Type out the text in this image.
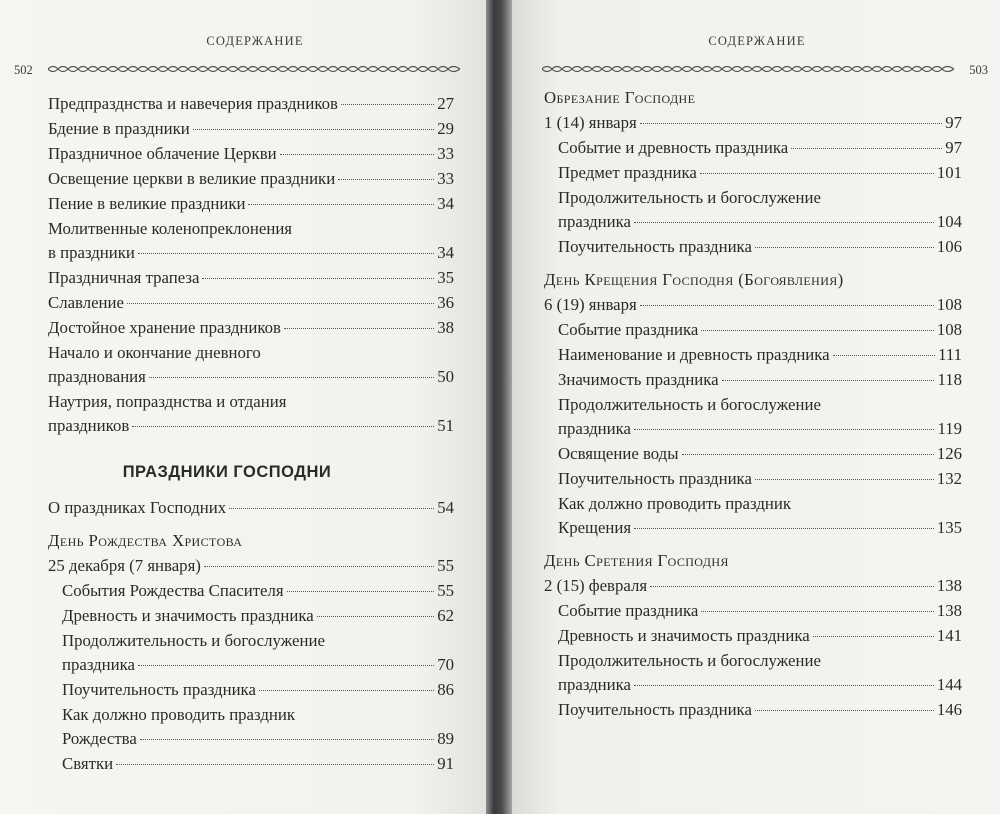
СОДЕРЖАНИЕ
502
Предпразднства и навечерия праздников	27
Бдение в праздники	29
Праздничное облачение Церкви	33
Освещение церкви в великие праздники	33
Пение в великие праздники	34
Молитвенные коленопреклонения
в праздники	34
Праздничная трапеза	35
Славление	36
Достойное хранение праздников	38
Начало и окончание дневного
празднования	50
Наутрия, попразднства и отдания
праздников	51
ПРАЗДНИКИ ГОСПОДНИ
О праздниках Господних	54
День Рождества Христова
25 декабря (7 января)	55
События Рождества Спасителя	55
Древность и значимость праздника	62
Продолжительность и богослужение
праздника	70
Поучительность праздника	86
Как должно проводить праздник
Рождества	89
Святки	91
СОДЕРЖАНИЕ
503
Обрезание Господне
1 (14) января	97
Событие и древность праздника	97
Предмет праздника	101
Продолжительность и богослужение
праздника	104
Поучительность праздника	106
День Крещения Господня (Богоявления)
6 (19) января	108
Событие праздника	108
Наименование и древность праздника	111
Значимость праздника	118
Продолжительность и богослужение
праздника	119
Освящение воды	126
Поучительность праздника	132
Как должно проводить праздник
Крещения	135
День Сретения Господня
2 (15) февраля	138
Событие праздника	138
Древность и значимость праздника	141
Продолжительность и богослужение
праздника	144
Поучительность праздника	146
